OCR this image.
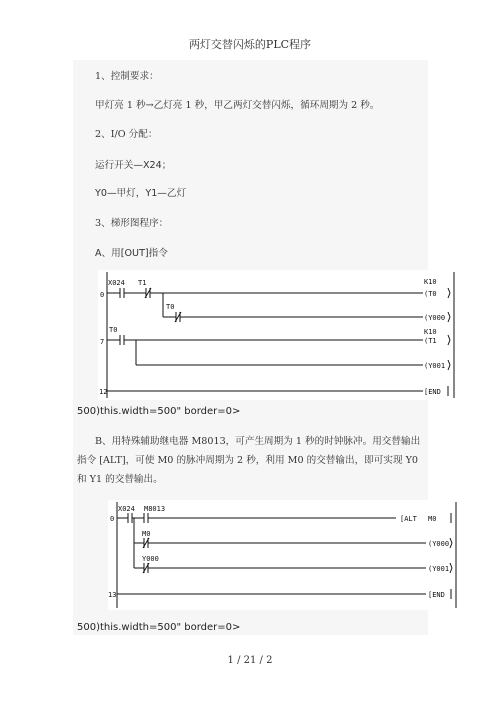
两灯交替闪烁的PLC程序
1、控制要求：
甲灯亮 1 秒→乙灯亮 1 秒，甲乙两灯交替闪烁，循环周期为 2 秒。
2、I/O 分配：
运行开关—X24；
Y0—甲灯，Y1—乙灯
3、梯形图程序：
A、用[OUT]指令
0
7
12
X024 T1
T0
T0
K10
(T0
(Y000
K10
(T1
(Y001
[END
500)this.width=500" border=0>
B、用特殊辅助继电器 M8013，可产生周期为 1 秒的时钟脉冲。用交替输出指令 [ALT]，可使 M0 的脉冲周期为 2 秒，利用 M0 的交替输出，即可实现 Y0 和 Y1 的交替输出。
0
13
X024 M8013
[ALT M0
M0
Y000
(Y000
(Y001
[END
500)this.width=500" border=0>
1 / 21 / 2
